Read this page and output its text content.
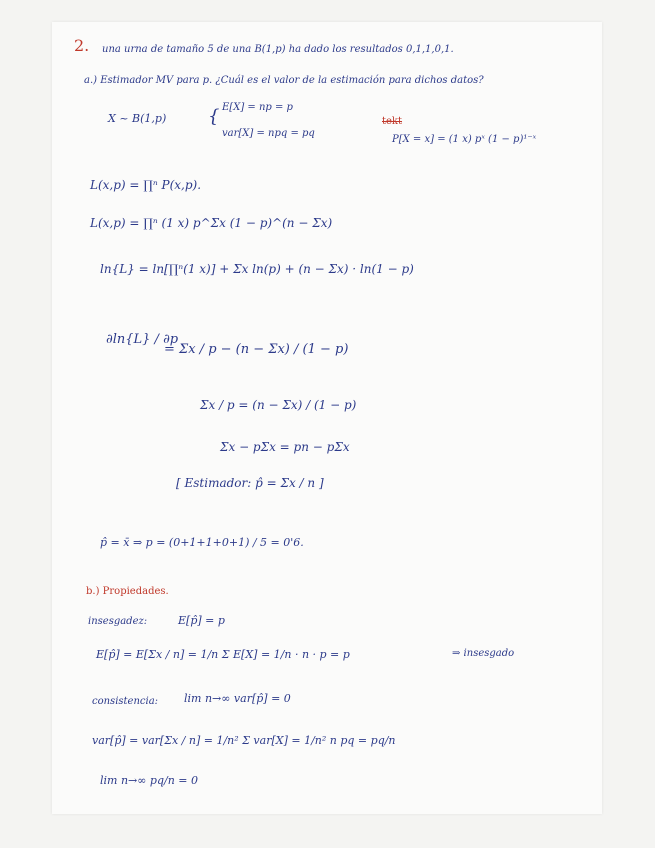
2. una urna de tamaño 5 de una B(1,p) ha dado los resultados 0,1,1,0,1.
a.) Estimador MV para p. ¿Cuál es el valor de la estimación para dichos datos?
X ~ B(1,p) { E[X] = np = p
var[X] = npq = pq
tekt
P[X = x] = (1 x) pˣ (1 − p)¹⁻ˣ
L(x,p) = ∏ⁿ P(x,p).
L(x,p) = ∏ⁿ (1 x) p^Σx (1 − p)^(n − Σx)
ln{L} = ln[∏ⁿ(1 x)] + Σx ln(p) + (n − Σx) · ln(1 − p)
∂ln{L} / ∂p
= Σx / p − (n − Σx) / (1 − p)
Σx / p = (n − Σx) / (1 − p)
Σx − pΣx = pn − pΣx
[ Estimador: p̂ = Σx / n ]
p̂ = x̄ ⇒ p = (0+1+1+0+1) / 5 = 0'6.
b.) Propiedades.
insesgadez:	E[p̂] = p
E[p̂] = E[Σx / n] = 1/n Σ E[X] = 1/n · n · p = p	⇒ insesgado
consistencia: lim n→∞ var[p̂] = 0
var[p̂] = var[Σx / n] = 1/n² Σ var[X] = 1/n² n pq = pq/n
lim n→∞ pq/n = 0
